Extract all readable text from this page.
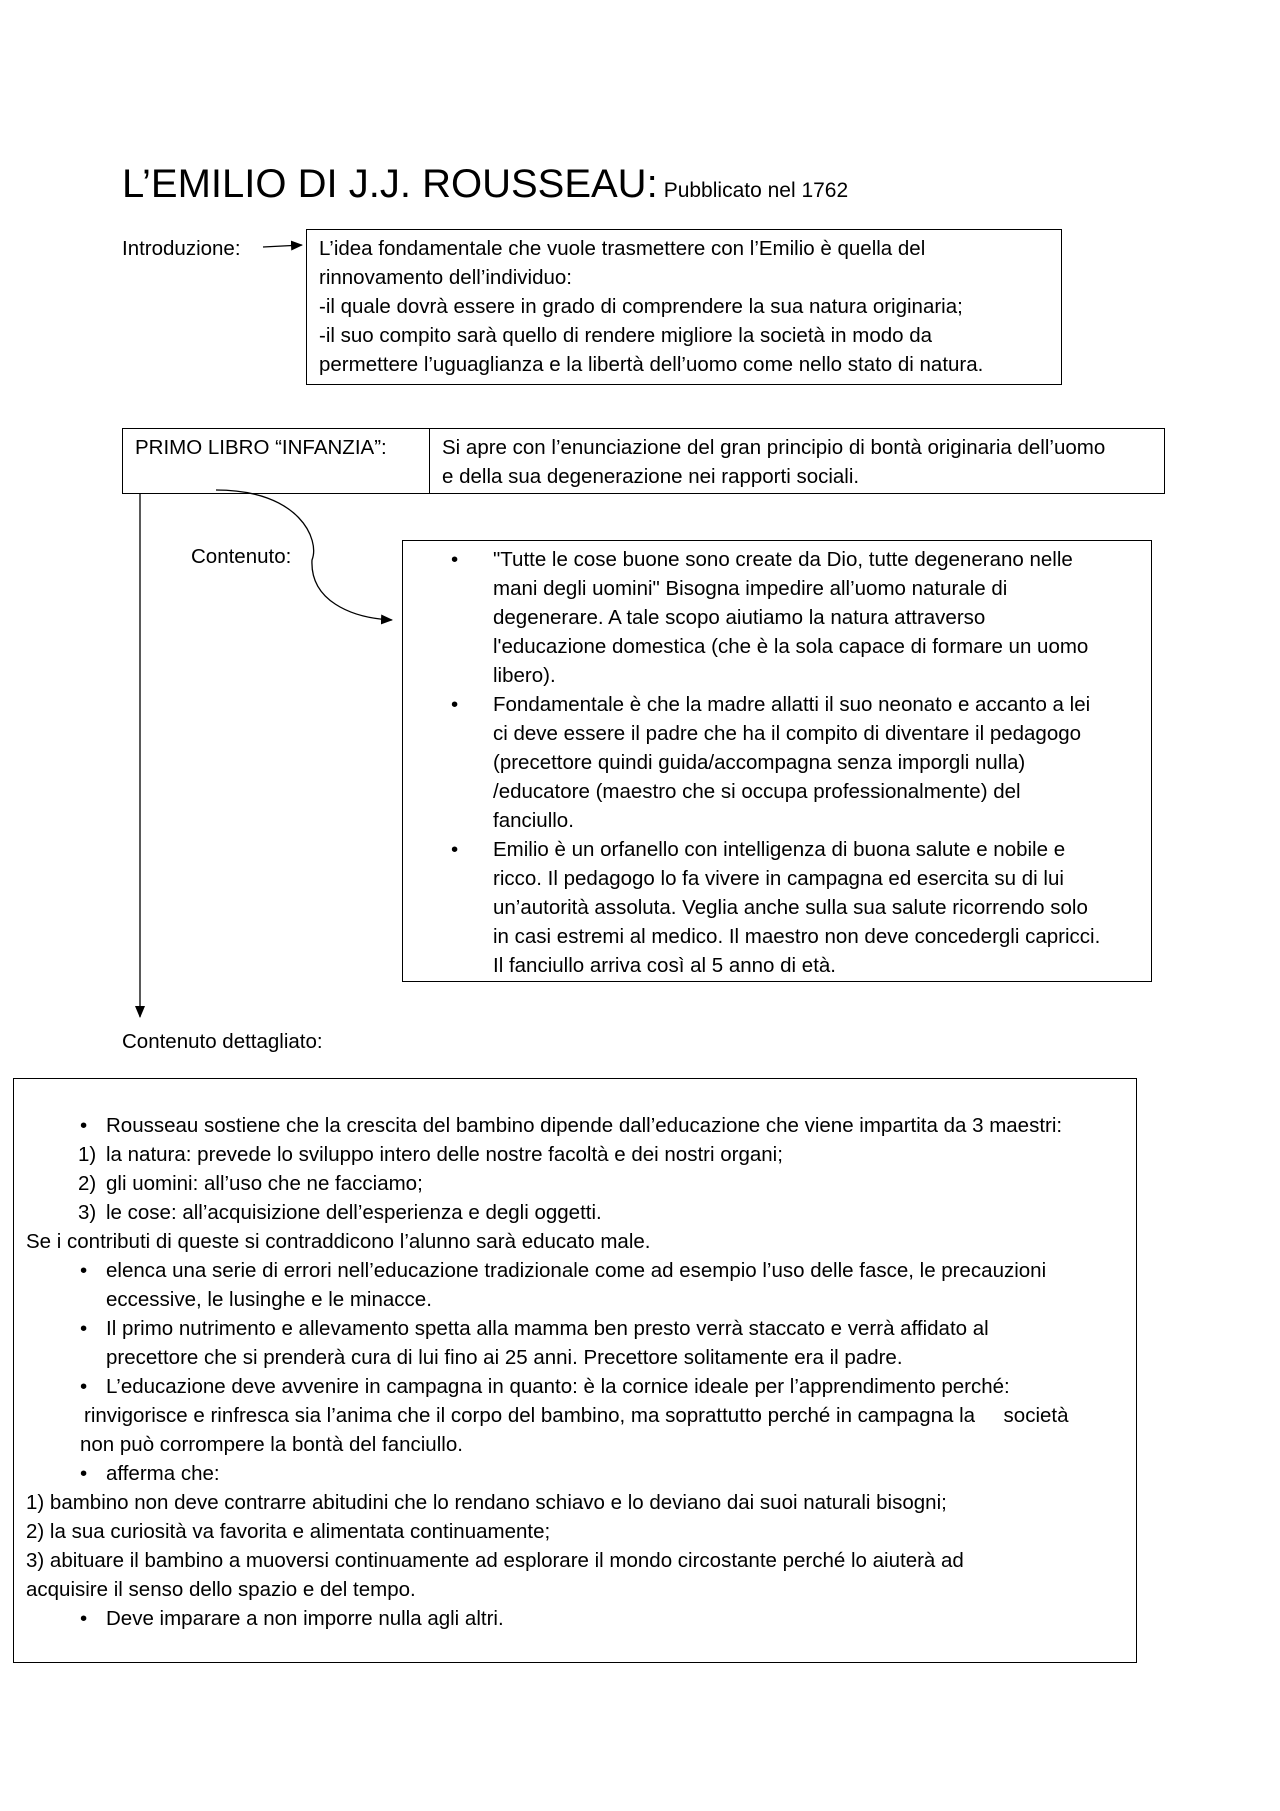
L’EMILIO DI J.J. ROUSSEAU: Pubblicato nel 1762
Introduzione:	L’idea fondamentale che vuole trasmettere con l’Emilio è quella del
rinnovamento dell’individuo:
-il quale dovrà essere in grado di comprendere la sua natura originaria;
-il suo compito sarà quello di rendere migliore la società in modo da
permettere l’uguaglianza e la libertà dell’uomo come nello stato di natura.
PRIMO LIBRO “INFANZIA”:	Si apre con l’enunciazione del gran principio di bontà originaria dell’uomo
e della sua degenerazione nei rapporti sociali.
Contenuto:
•	"Tutte le cose buone sono create da Dio, tutte degenerano nelle
mani degli uomini" Bisogna impedire all’uomo naturale di
degenerare. A tale scopo aiutiamo la natura attraverso
l'educazione domestica (che è la sola capace di formare un uomo
libero).
• Fondamentale è che la madre allatti il suo neonato e accanto a lei
ci deve essere il padre che ha il compito di diventare il pedagogo
(precettore quindi guida/accompagna senza imporgli nulla)
/educatore (maestro che si occupa professionalmente) del
fanciullo.
• Emilio è un orfanello con intelligenza di buona salute e nobile e
ricco. Il pedagogo lo fa vivere in campagna ed esercita su di lui
un’autorità assoluta. Veglia anche sulla sua salute ricorrendo solo
in casi estremi al medico. Il maestro non deve concedergli capricci.
Il fanciullo arriva così al 5 anno di età.
Contenuto dettagliato:
• Rousseau sostiene che la crescita del bambino dipende dall’educazione che viene impartita da 3 maestri:
1) la natura: prevede lo sviluppo intero delle nostre facoltà e dei nostri organi;
2) gli uomini: all’uso che ne facciamo;
3) le cose: all’acquisizione dell’esperienza e degli oggetti.
Se i contributi di queste si contraddicono l’alunno sarà educato male.
• elenca una serie di errori nell’educazione tradizionale come ad esempio l’uso delle fasce, le precauzioni
eccessive, le lusinghe e le minacce.
• Il primo nutrimento e allevamento spetta alla mamma ben presto verrà staccato e verrà affidato al
precettore che si prenderà cura di lui fino ai 25 anni. Precettore solitamente era il padre.
• L’educazione deve avvenire in campagna in quanto: è la cornice ideale per l’apprendimento perché:
rinvigorisce e rinfresca sia l’anima che il corpo del bambino, ma soprattutto perché in campagna la     società
non può corrompere la bontà del fanciullo.
• afferma che:
1) bambino non deve contrarre abitudini che lo rendano schiavo e lo deviano dai suoi naturali bisogni;
2) la sua curiosità va favorita e alimentata continuamente;
3) abituare il bambino a muoversi continuamente ad esplorare il mondo circostante perché lo aiuterà ad
acquisire il senso dello spazio e del tempo.
• Deve imparare a non imporre nulla agli altri.
